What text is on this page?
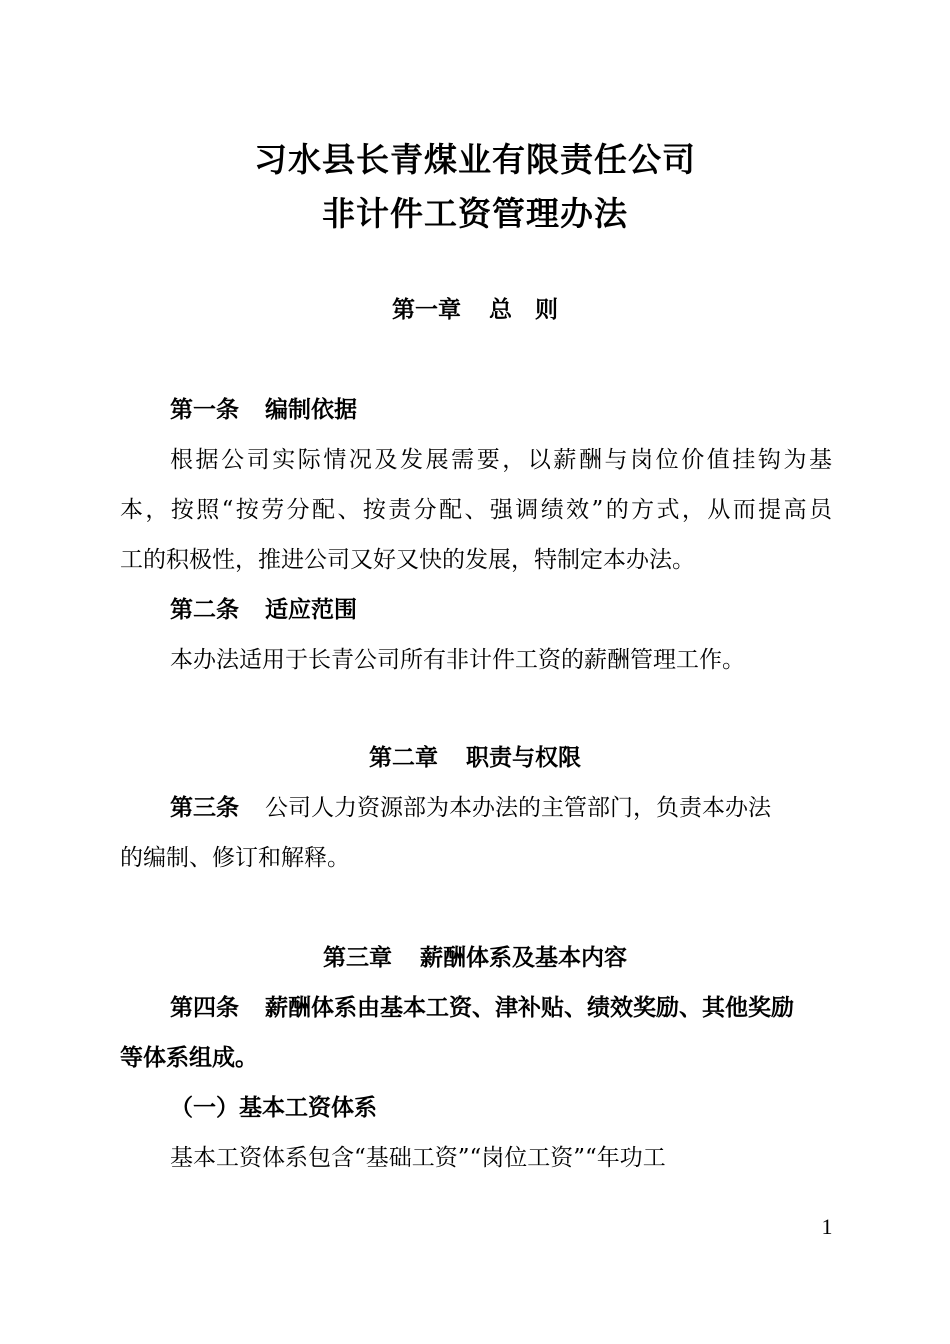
习水县长青煤业有限责任公司
非计件工资管理办法
第一章 总　则
第一条 编制依据
根据公司实际情况及发展需要，以薪酬与岗位价值挂钩为基
本，按照“按劳分配、按责分配、强调绩效”的方式，从而提高员
工的积极性，推进公司又好又快的发展，特制定本办法。
第二条 适应范围
本办法适用于长青公司所有非计件工资的薪酬管理工作。
第二章 职责与权限
第三条 公司人力资源部为本办法的主管部门，负责本办法
的编制、修订和解释。
第三章 薪酬体系及基本内容
第四条 薪酬体系由基本工资、津补贴、绩效奖励、其他奖励
等体系组成。
（一）基本工资体系
基本工资体系包含“基础工资”“岗位工资”“年功工
1
